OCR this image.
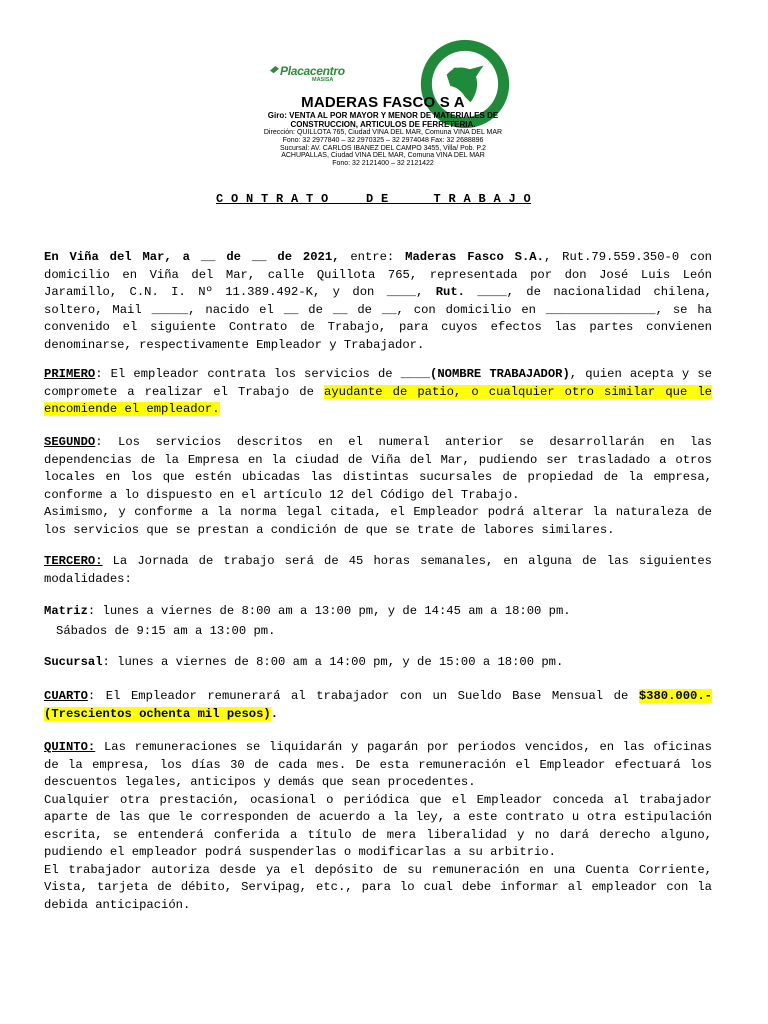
Placacentro
MASISA
MADERAS FASCO S A
Giro: VENTA AL POR MAYOR Y MENOR DE MATERIALES DE
CONSTRUCCION, ARTICULOS DE FERRETERIA.
Dirección: QUILLOTA 765, Ciudad VINA DEL MAR, Comuna VINA DEL MAR
Fono: 32 2977840 – 32 2970325 – 32 2974048 Fax: 32 2688896
Sucursal: AV. CARLOS IBANEZ DEL CAMPO 3455, Villa/ Pob. P.2
ACHUPALLAS, Ciudad VINA DEL MAR, Comuna VINA DEL MAR
Fono: 32 2121400 – 32 2121422
C O N T R A T O     D E      T R A B A J O

En Viña del Mar, a __ de __ de 2021, entre: Maderas Fasco S.A., Rut.79.559.350-0 con domicilio en Viña del Mar, calle Quillota 765, representada por don José Luis León Jaramillo, C.N. I. Nº 11.389.492-K, y don ____, Rut. ____, de nacionalidad chilena, soltero, Mail _____, nacido el __ de __ de __, con domicilio en _______________, se ha convenido el siguiente Contrato de Trabajo, para cuyos efectos las partes convienen denominarse, respectivamente Empleador y Trabajador.

PRIMERO: El empleador contrata los servicios de ____(NOMBRE TRABAJADOR), quien acepta y se compromete a realizar el Trabajo de ayudante de patio, o cualquier otro similar que le encomiende el empleador.

SEGUNDO: Los servicios descritos en el numeral anterior se desarrollarán en las dependencias de la Empresa en la ciudad de Viña del Mar, pudiendo ser trasladado a otros locales en los que estén ubicadas las distintas sucursales de propiedad de la empresa, conforme a lo dispuesto en el artículo 12 del Código del Trabajo.

Asimismo, y conforme a la norma legal citada, el Empleador podrá alterar la naturaleza de los servicios que se prestan a condición de que se trate de labores similares.

TERCERO: La Jornada de trabajo será de 45 horas semanales, en alguna de las siguientes modalidades:

Matriz: lunes a viernes de 8:00 am a 13:00 pm, y de 14:45 am a 18:00 pm.

Sábados de 9:15 am a 13:00 pm.

Sucursal: lunes a viernes de 8:00 am a 14:00 pm, y de 15:00 a 18:00 pm.

CUARTO: El Empleador remunerará al trabajador con un Sueldo Base Mensual de $380.000.- (Trescientos ochenta mil pesos).

QUINTO: Las remuneraciones se liquidarán y pagarán por periodos vencidos, en las oficinas de la empresa, los días 30 de cada mes. De esta remuneración el Empleador efectuará los descuentos legales, anticipos y demás que sean procedentes.

Cualquier otra prestación, ocasional o periódica que el Empleador conceda al trabajador aparte de las que le corresponden de acuerdo a la ley, a este contrato u otra estipulación escrita, se entenderá conferida a título de mera liberalidad y no dará derecho alguno, pudiendo el empleador podrá suspenderlas o modificarlas a su arbitrio.

El trabajador autoriza desde ya el depósito de su remuneración en una Cuenta Corriente, Vista, tarjeta de débito, Servipag, etc., para lo cual debe informar al empleador con la debida anticipación.
